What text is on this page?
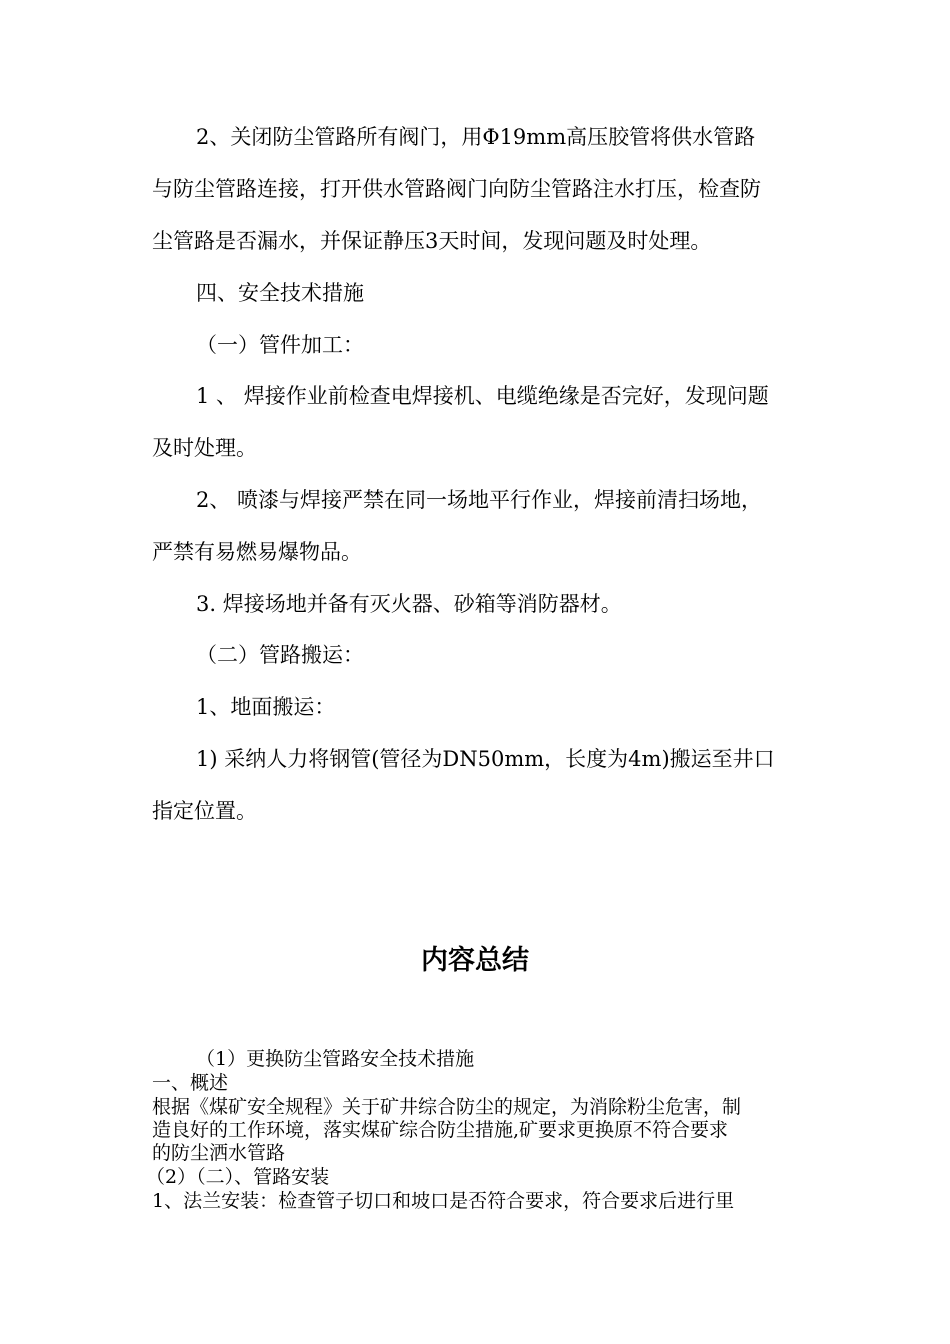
2、关闭防尘管路所有阀门，用Φ19mm高压胶管将供水管路

与防尘管路连接，打开供水管路阀门向防尘管路注水打压，检查防

尘管路是否漏水，并保证静压3天时间，发现问题及时处理。

四、安全技术措施

（一）管件加工：

1 、 焊接作业前检查电焊接机、电缆绝缘是否完好，发现问题

及时处理。

2、 喷漆与焊接严禁在同一场地平行作业，焊接前清扫场地，

严禁有易燃易爆物品。

3. 焊接场地并备有灭火器、砂箱等消防器材。

（二）管路搬运：

1、地面搬运：

1) 采纳人力将钢管(管径为DN50mm，长度为4m)搬运至井口

指定位置。

内容总结

（1）更换防尘管路安全技术措施

一、概述

根据《煤矿安全规程》关于矿井综合防尘的规定，为消除粉尘危害，制

造良好的工作环境，落实煤矿综合防尘措施,矿要求更换原不符合要求

的防尘洒水管路

（2）（二）、管路安装

1、法兰安装：检查管子切口和坡口是否符合要求，符合要求后进行里
